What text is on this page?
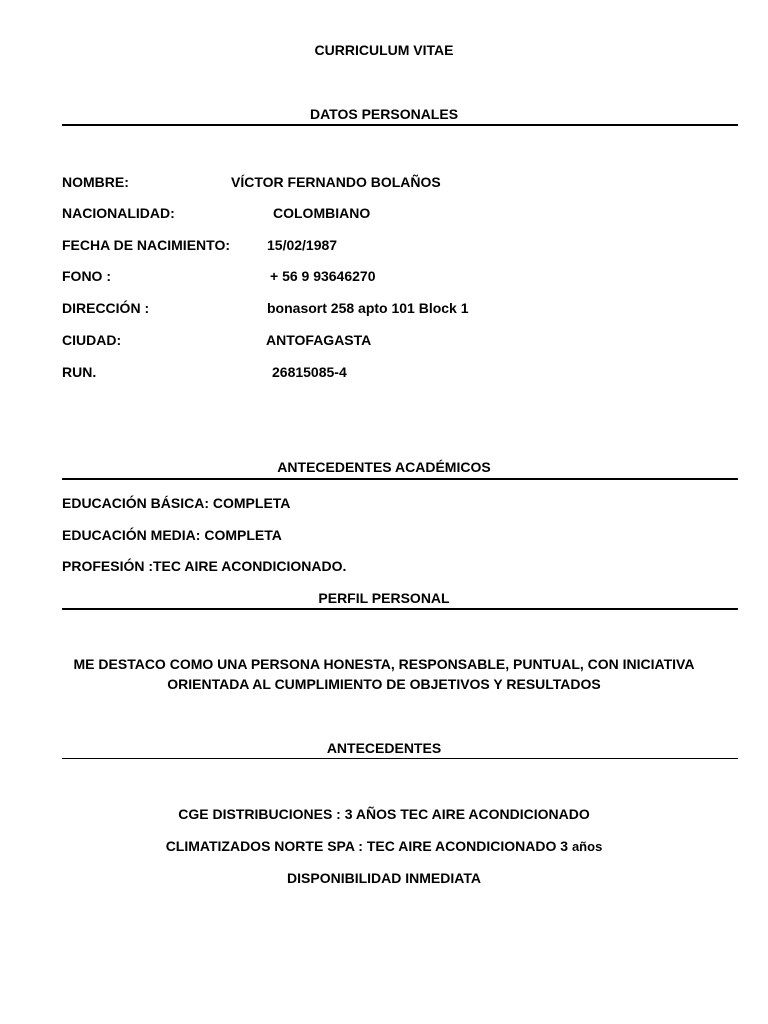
CURRICULUM VITAE
DATOS PERSONALES
NOMBRE:	VÍCTOR FERNANDO BOLAÑOS
NACIONALIDAD:	COLOMBIANO
FECHA DE NACIMIENTO:	15/02/1987
FONO :	+ 56 9 93646270
DIRECCIÓN :	bonasort 258 apto 101 Block 1
CIUDAD:	ANTOFAGASTA
RUN.	26815085-4
ANTECEDENTES ACADÉMICOS
EDUCACIÓN BÁSICA: COMPLETA
EDUCACIÓN MEDIA: COMPLETA
PROFESIÓN :TEC AIRE ACONDICIONADO.
PERFIL PERSONAL
ME DESTACO COMO UNA PERSONA HONESTA, RESPONSABLE, PUNTUAL, CON INICIATIVA
ORIENTADA AL CUMPLIMIENTO DE OBJETIVOS Y RESULTADOS
ANTECEDENTES
CGE DISTRIBUCIONES : 3 AÑOS TEC AIRE ACONDICIONADO
CLIMATIZADOS NORTE SPA : TEC AIRE ACONDICIONADO 3 años
DISPONIBILIDAD INMEDIATA
